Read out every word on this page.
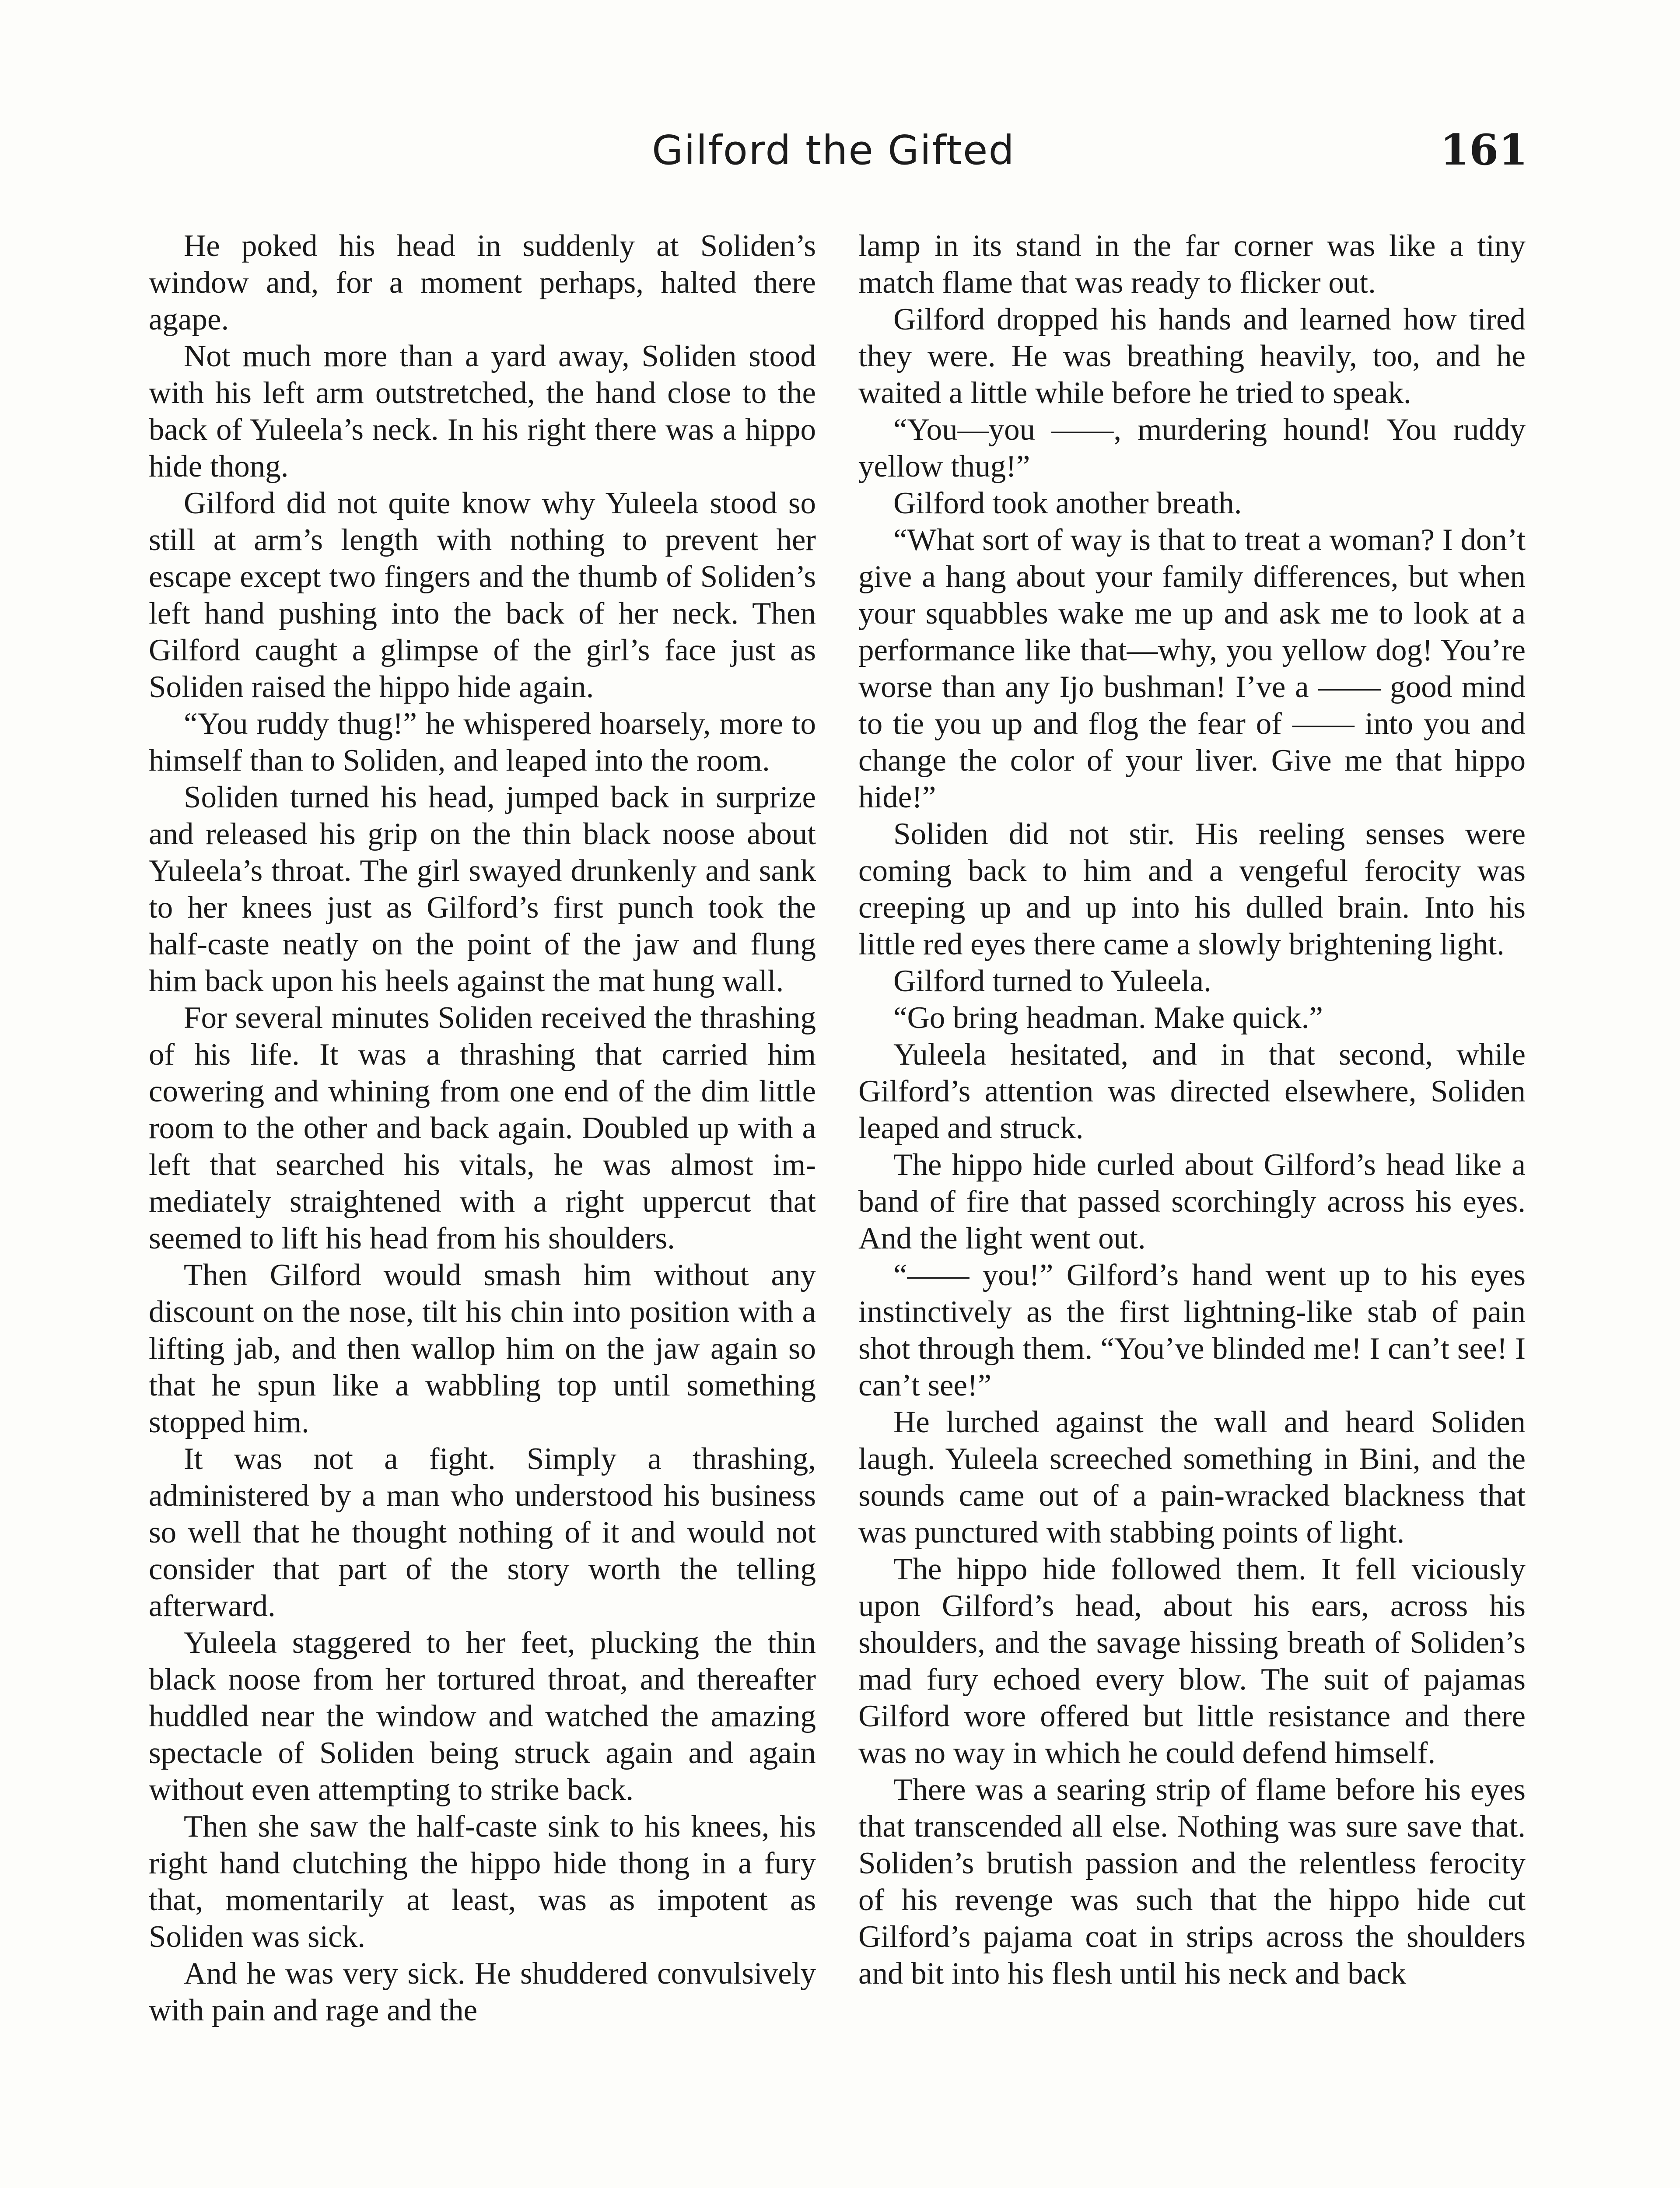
Gilford the Gifted	161

He poked his head in suddenly at Soliden’s window and, for a moment perhaps, halted there agape.

Not much more than a yard away, Soliden stood with his left arm outstretched, the hand close to the back of Yuleela’s neck. In his right there was a hippo hide thong.

Gilford did not quite know why Yuleela stood so still at arm’s length with nothing to prevent her escape except two fingers and the thumb of Soliden’s left hand pushing into the back of her neck. Then Gilford caught a glimpse of the girl’s face just as Soliden raised the hippo hide again.

“You ruddy thug!” he whispered hoarsely, more to himself than to Soliden, and leaped into the room.

Soliden turned his head, jumped back in surprize and released his grip on the thin black noose about Yuleela’s throat. The girl swayed drunkenly and sank to her knees just as Gilford’s first punch took the half-caste neatly on the point of the jaw and flung him back upon his heels against the mat hung wall.

For several minutes Soliden received the thrashing of his life. It was a thrashing that carried him cowering and whining from one end of the dim little room to the other and back again. Doubled up with a left that searched his vitals, he was almost immediately straightened with a right uppercut that seemed to lift his head from his shoulders.

Then Gilford would smash him without any discount on the nose, tilt his chin into position with a lifting jab, and then wallop him on the jaw again so that he spun like a wabbling top until something stopped him.

It was not a fight. Simply a thrashing, administered by a man who understood his business so well that he thought nothing of it and would not consider that part of the story worth the telling afterward.

Yuleela staggered to her feet, plucking the thin black noose from her tortured throat, and thereafter huddled near the window and watched the amazing spectacle of Soliden being struck again and again without even attempting to strike back.

Then she saw the half-caste sink to his knees, his right hand clutching the hippo hide thong in a fury that, momentarily at least, was as impotent as Soliden was sick.

And he was very sick. He shuddered convulsively with pain and rage and the

lamp in its stand in the far corner was like a tiny match flame that was ready to flicker out.

Gilford dropped his hands and learned how tired they were. He was breathing heavily, too, and he waited a little while before he tried to speak.

“You—you ——, murdering hound! You ruddy yellow thug!”

Gilford took another breath.

“What sort of way is that to treat a woman? I don’t give a hang about your family differences, but when your squabbles wake me up and ask me to look at a performance like that—why, you yellow dog! You’re worse than any Ijo bushman! I’ve a —— good mind to tie you up and flog the fear of —— into you and change the color of your liver. Give me that hippo hide!”

Soliden did not stir. His reeling senses were coming back to him and a vengeful ferocity was creeping up and up into his dulled brain. Into his little red eyes there came a slowly brightening light.

Gilford turned to Yuleela.

“Go bring headman. Make quick.”

Yuleela hesitated, and in that second, while Gilford’s attention was directed elsewhere, Soliden leaped and struck.

The hippo hide curled about Gilford’s head like a band of fire that passed scorchingly across his eyes. And the light went out.

“—— you!” Gilford’s hand went up to his eyes instinctively as the first lightning-like stab of pain shot through them. “You’ve blinded me! I can’t see! I can’t see!”

He lurched against the wall and heard Soliden laugh. Yuleela screeched something in Bini, and the sounds came out of a pain-wracked blackness that was punctured with stabbing points of light.

The hippo hide followed them. It fell viciously upon Gilford’s head, about his ears, across his shoulders, and the savage hissing breath of Soliden’s mad fury echoed every blow. The suit of pajamas Gilford wore offered but little resistance and there was no way in which he could defend himself.

There was a searing strip of flame before his eyes that transcended all else. Nothing was sure save that. Soliden’s brutish passion and the relentless ferocity of his revenge was such that the hippo hide cut Gilford’s pajama coat in strips across the shoulders and bit into his flesh until his neck and back
